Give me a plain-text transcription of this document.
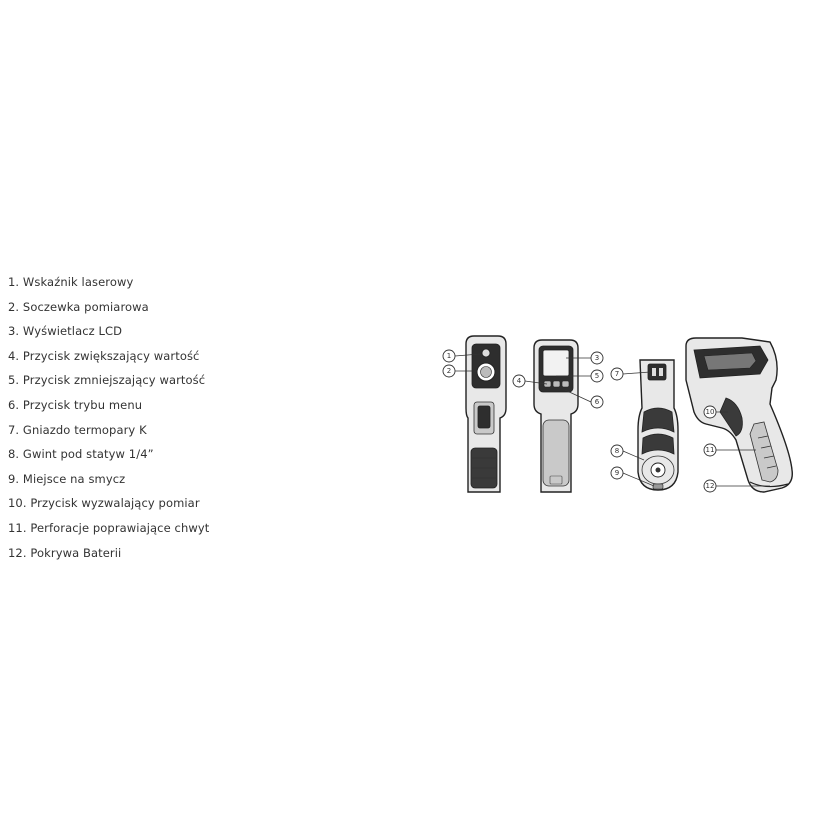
1. Wskaźnik laserowy
2. Soczewka pomiarowa
3. Wyświetlacz LCD
4. Przycisk zwiększający wartość
5. Przycisk zmniejszający wartość
6. Przycisk trybu menu
7. Gniazdo termopary K
8. Gwint pod statyw 1/4”
9. Miejsce na smycz
10. Przycisk wyzwalający pomiar
11. Perforacje poprawiające chwyt
12. Pokrywa Baterii
1
2
3
4
5
6
7
8
9
10
11
12
